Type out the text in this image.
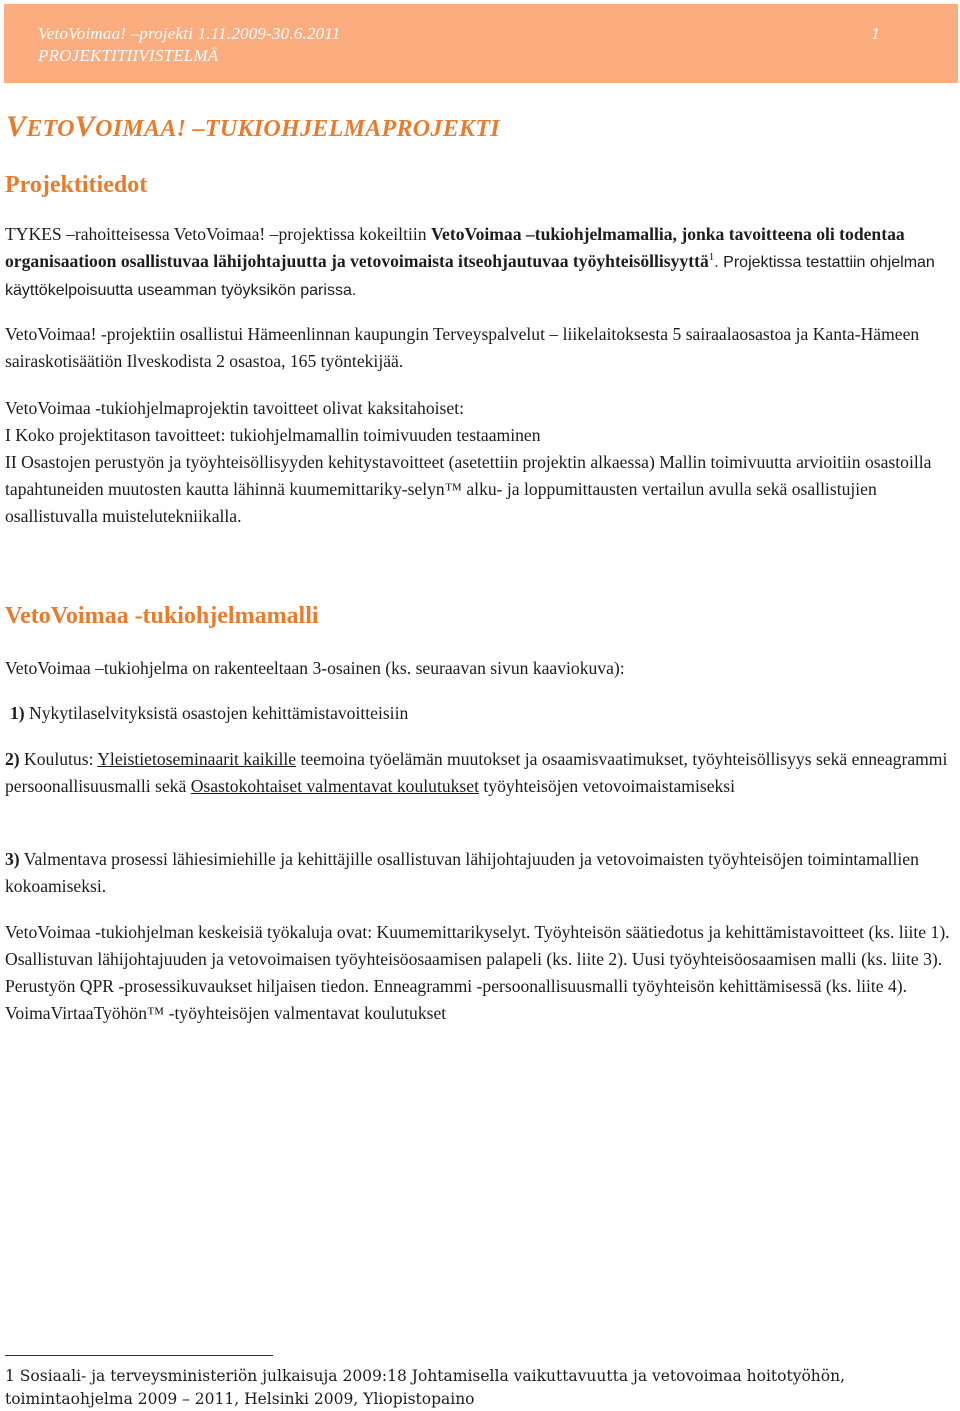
VetoVoimaa! –projekti 1.11.2009-30.6.2011
PROJEKTITIIVISTELMÄ
1
VETOVOIMAA! –TUKIOHJELMAPROJEKTI
Projektitiedot

TYKES –rahoitteisessa VetoVoimaa! –projektissa kokeiltiin VetoVoimaa –tukiohjelmamallia, jonka tavoitteena oli todentaa organisaatioon osallistuvaa lähijohtajuutta ja vetovoimaista itseohjautuvaa työyhteisöllisyyttä$^1$. Projektissa testattiin ohjelman käyttökelpoisuutta useamman työyksikön parissa.

VetoVoimaa! -projektiin osallistui Hämeenlinnan kaupungin Terveyspalvelut – liikelaitoksesta 5 sairaalaosastoa ja Kanta-Hämeen sairaskotisäätiön Ilveskodista 2 osastoa, 165 työntekijää.

VetoVoimaa -tukiohjelmaprojektin tavoitteet olivat kaksitahoiset:
I Koko projektitason tavoitteet: tukiohjelmamallin toimivuuden testaaminen
II Osastojen perustyön ja työyhteisöllisyyden kehitystavoitteet (asetettiin projektin alkaessa) Mallin toimivuutta arvioitiin osastoilla tapahtuneiden muutosten kautta lähinnä kuumemittariky-selyn™ alku- ja loppumittausten vertailun avulla sekä osallistujien osallistuvalla muistelutekniikalla.

VetoVoimaa -tukiohjelmamalli

VetoVoimaa –tukiohjelma on rakenteeltaan 3-osainen (ks. seuraavan sivun kaaviokuva):

1) Nykytilaselvityksistä osastojen kehittämistavoitteisiin

2) Koulutus: Yleistietoseminaarit kaikille teemoina työelämän muutokset ja osaamisvaatimukset, työyhteisöllisyys sekä enneagrammi persoonallisuusmalli sekä Osastokohtaiset valmentavat koulutukset työyhteisöjen vetovoimaistamiseksi

3) Valmentava prosessi lähiesimiehille ja kehittäjille osallistuvan lähijohtajuuden ja vetovoimaisten työyhteisöjen toimintamallien kokoamiseksi.

VetoVoimaa -tukiohjelman keskeisiä työkaluja ovat: Kuumemittarikyselyt. Työyhteisön säätiedotus ja kehittämistavoitteet (ks. liite 1). Osallistuvan lähijohtajuuden ja vetovoimaisen työyhteisöosaamisen palapeli (ks. liite 2). Uusi työyhteisöosaamisen malli (ks. liite 3). Perustyön QPR -prosessikuvaukset hiljaisen tiedon. Enneagrammi -persoonallisuusmalli työyhteisön kehittämisessä (ks. liite 4). VoimaVirtaaTyöhön™ -työyhteisöjen valmentavat koulutukset

1 Sosiaali- ja terveysministeriön julkaisuja 2009:18 Johtamisella vaikuttavuutta ja vetovoimaa hoitotyöhön, toimintaohjelma 2009 – 2011, Helsinki 2009, Yliopistopaino
